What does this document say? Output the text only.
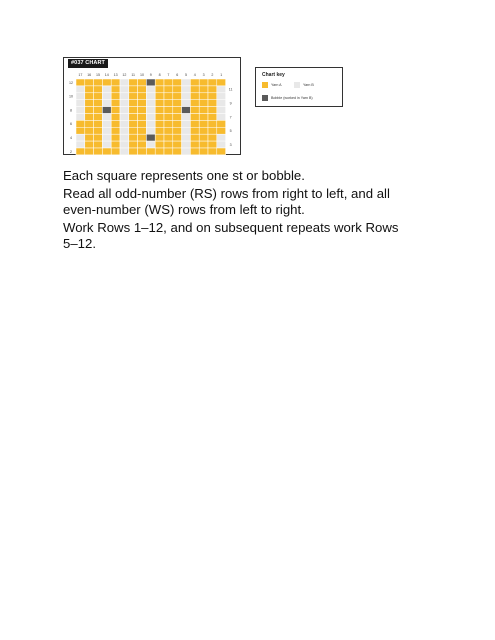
17 16 15 14 13 12 11 10 9 8 7 6 5 4 3 2 1
12
10
8
6
4
2
11
9
7
5
3
#037 CHART
Chart key
Yarn A	Yarn B
Bobble (worked in Yarn B)

Each square represents one st or bobble.

Read all odd-number (RS) rows from right to left, and all even-number (WS) rows from left to right.

Work Rows 1–12, and on subsequent repeats work Rows 5–12.
